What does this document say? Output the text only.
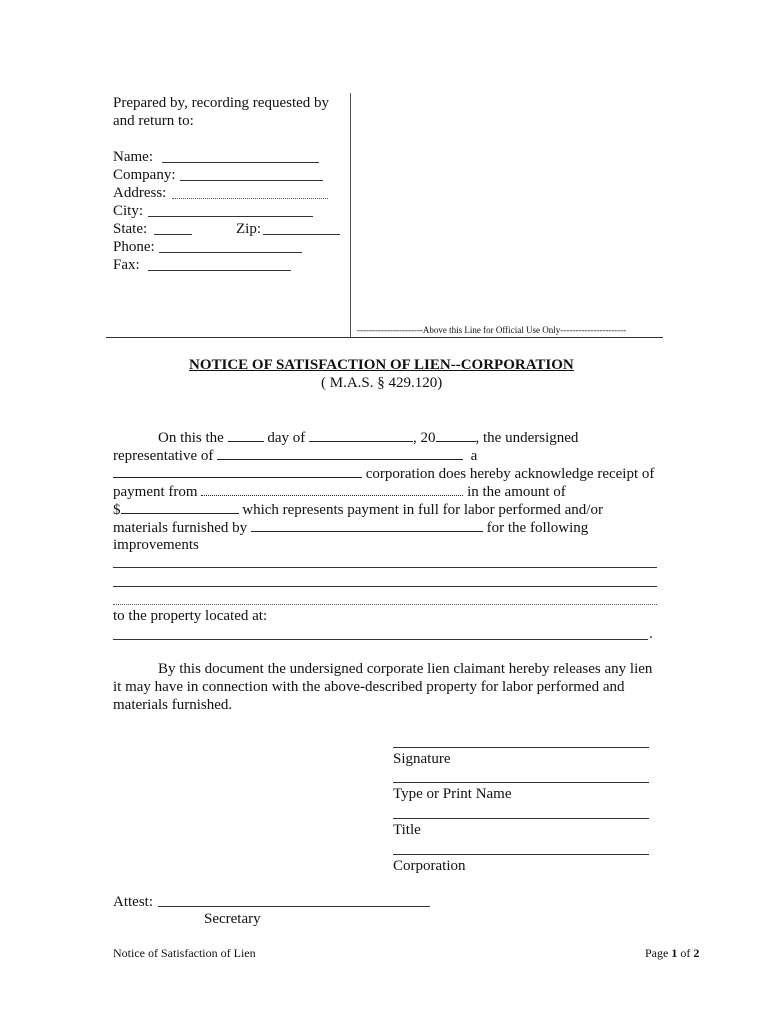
Prepared by, recording requested by
and return to:
Name:
Company:
Address:
City:
State:	Zip:
Phone:
Fax:
----------------------Above this Line for Official Use Only----------------------
NOTICE OF SATISFACTION OF LIEN--CORPORATION
( M.A.S. § 429.120)
On this the	day of	, 20	, the undersigned
representative of	a
corporation does hereby acknowledge receipt of
payment from	in the amount of
$	which represents payment in full for labor performed and/or
materials furnished by	for the following
improvements
to the property located at:
.
By this document the undersigned corporate lien claimant hereby releases any lien
it may have in connection with the above-described property for labor performed and
materials furnished.
Signature
Type or Print Name
Title
Corporation
Attest:
Secretary
Notice of Satisfaction of Lien	Page 1 of 2
